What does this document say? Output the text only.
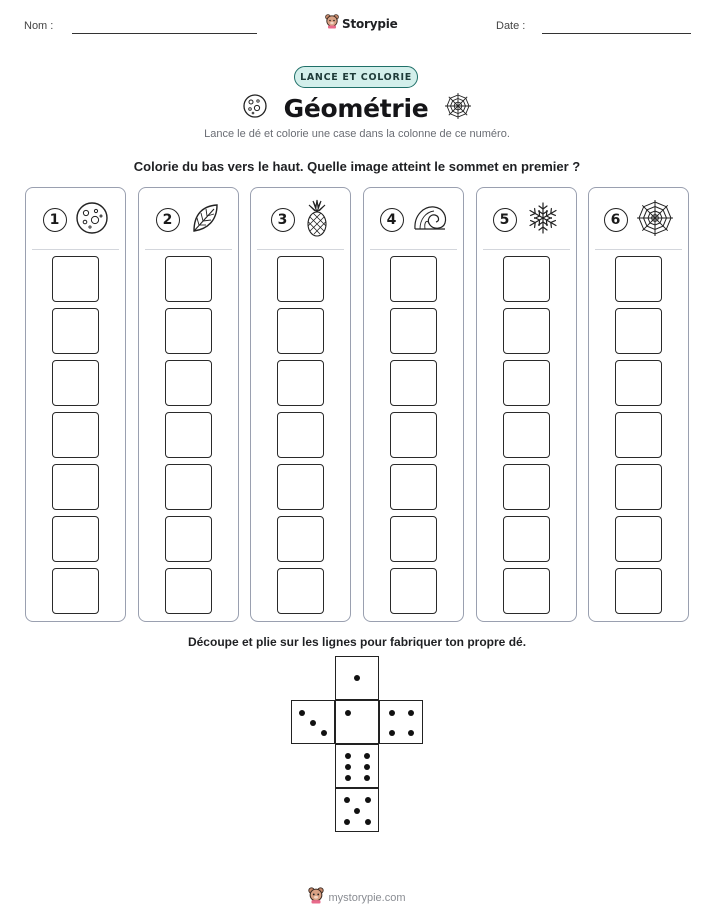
Nom :	Storypie	Date :
LANCE ET COLORIE
Géométrie
Lance le dé et colorie une case dans la colonne de ce numéro.
Colorie du bas vers le haut. Quelle image atteint le sommet en premier ?
1	2	3	4	5	6
Découpe et plie sur les lignes pour fabriquer ton propre dé.
mystorypie.com
